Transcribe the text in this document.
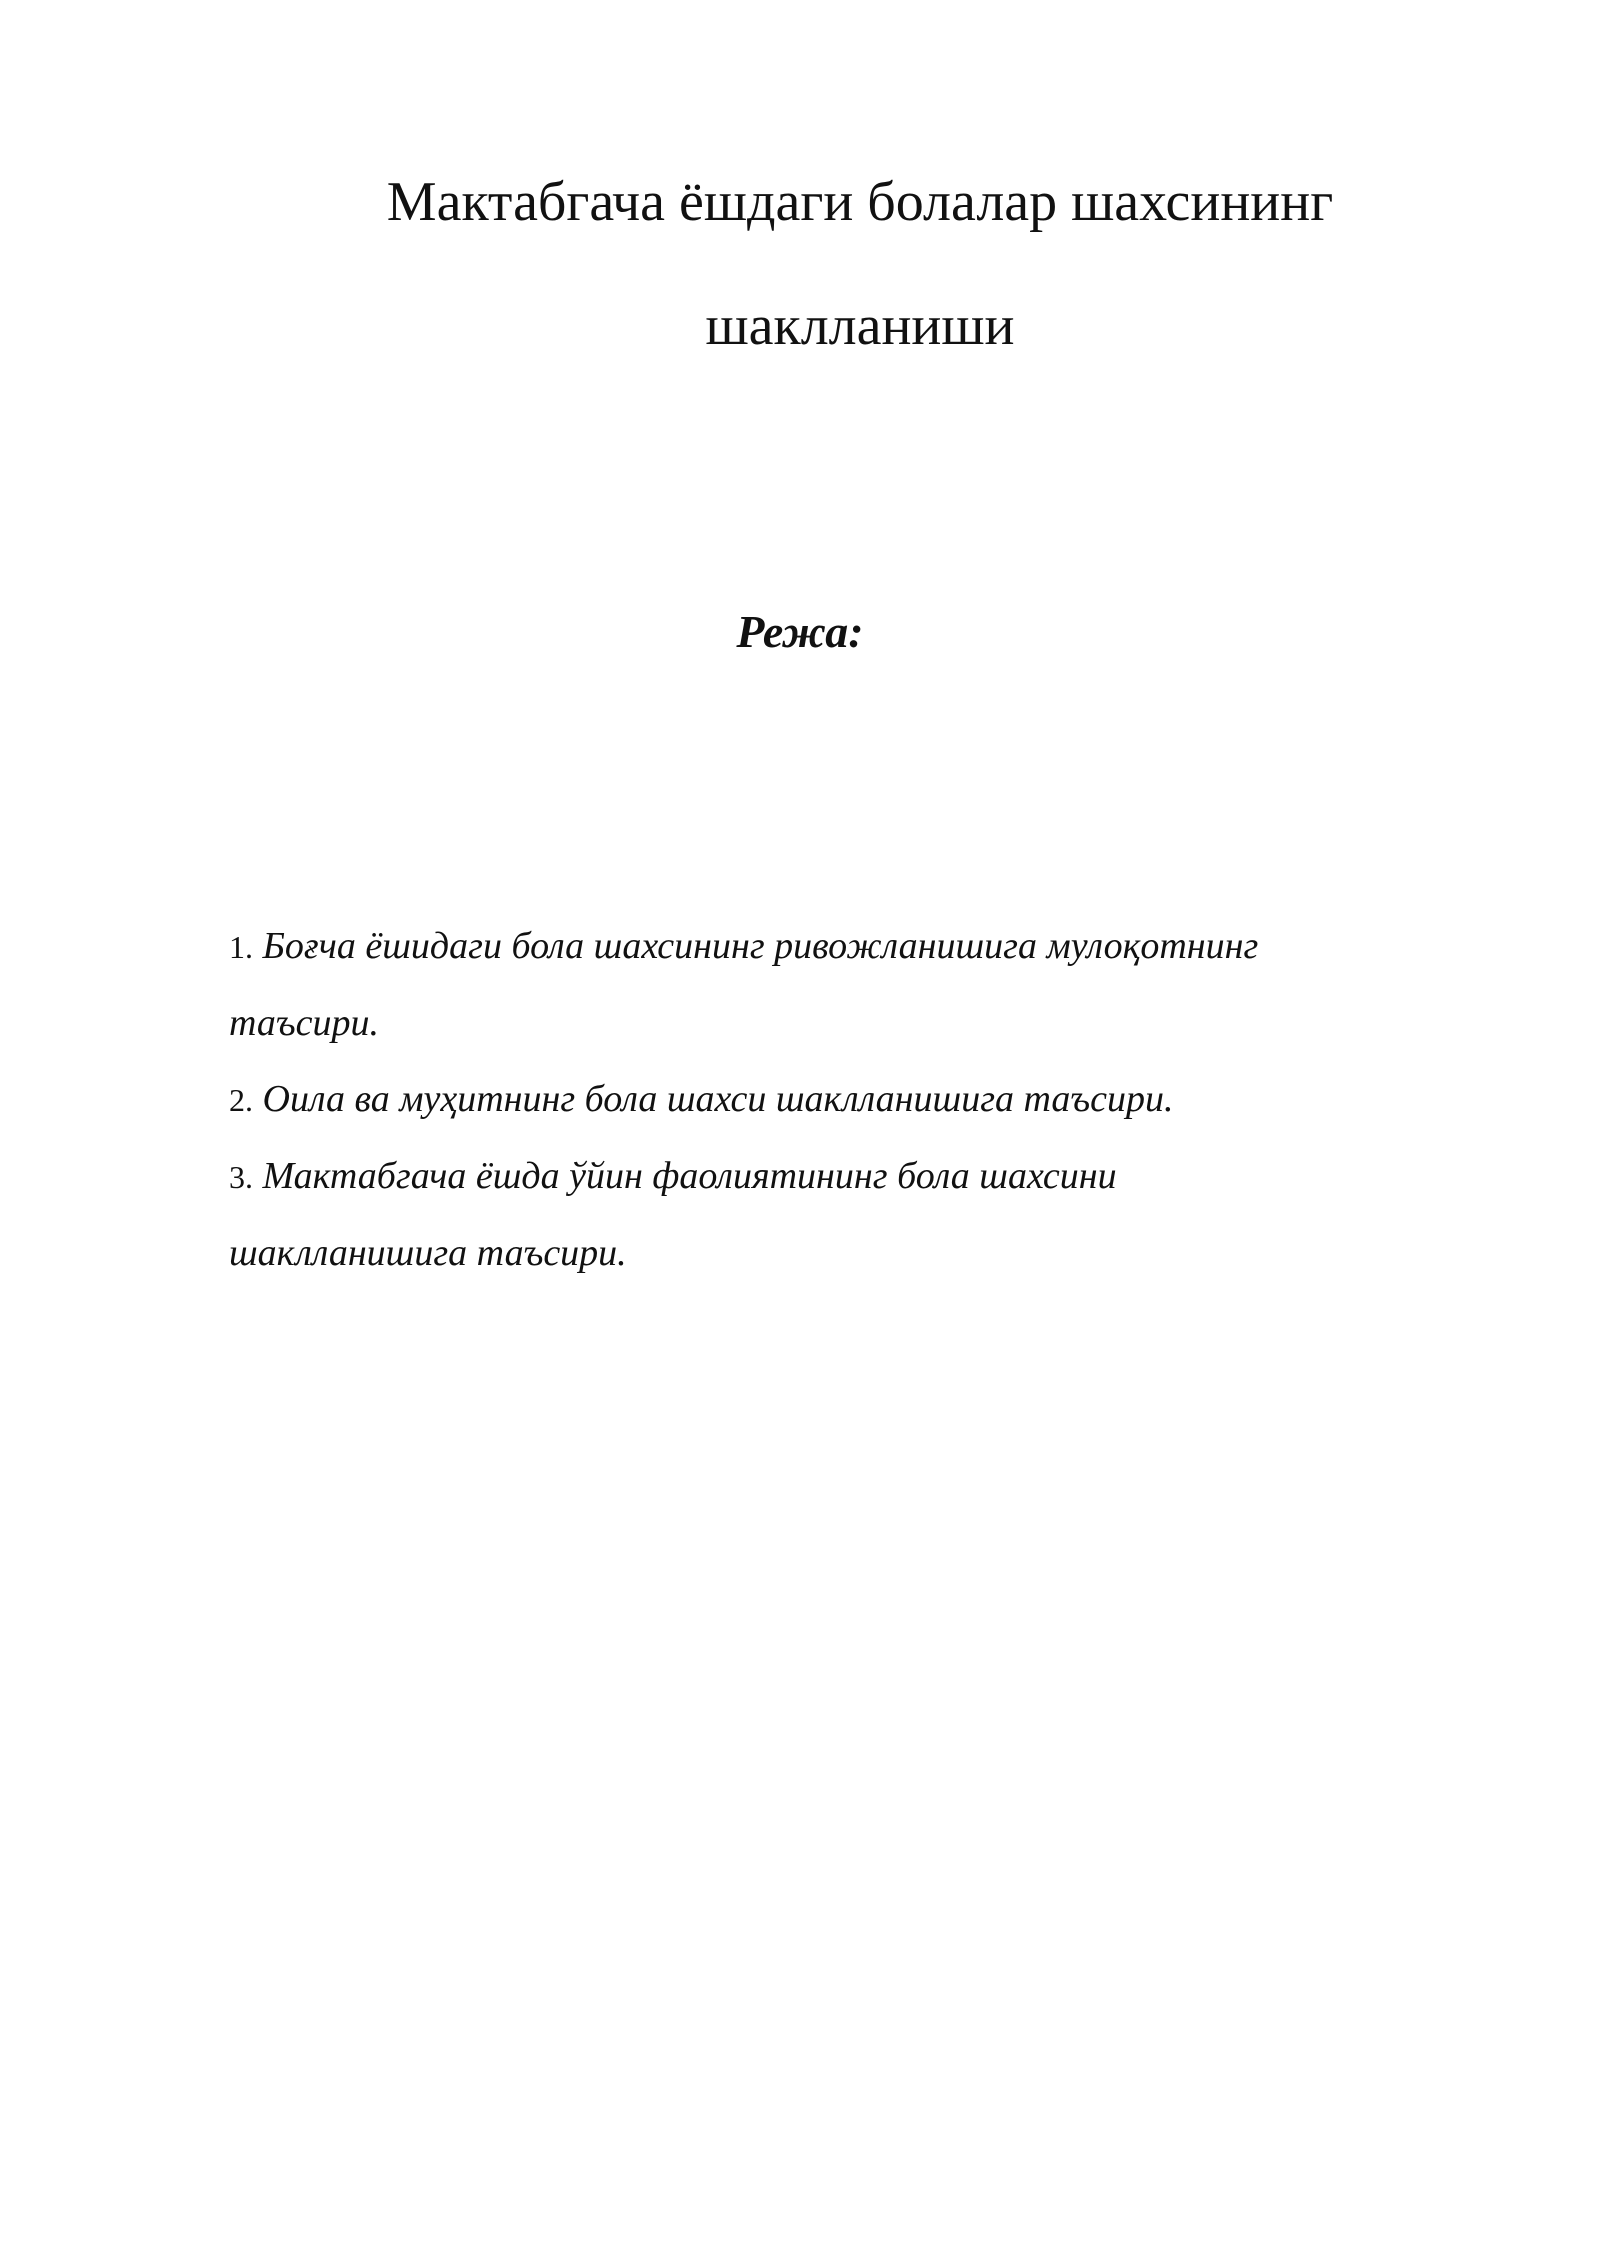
Мактабгача ёшдаги болалар шахсининг
шаклланиши
Режа:
1. Боғча ёшидаги бола шахсининг ривожланишига мулоқотнинг
таъсири.
2. Оила ва муҳитнинг бола шахси шаклланишига таъсири.
3. Мактабгача ёшда ўйин фаолиятининг бола шахсини
шаклланишига таъсири.
